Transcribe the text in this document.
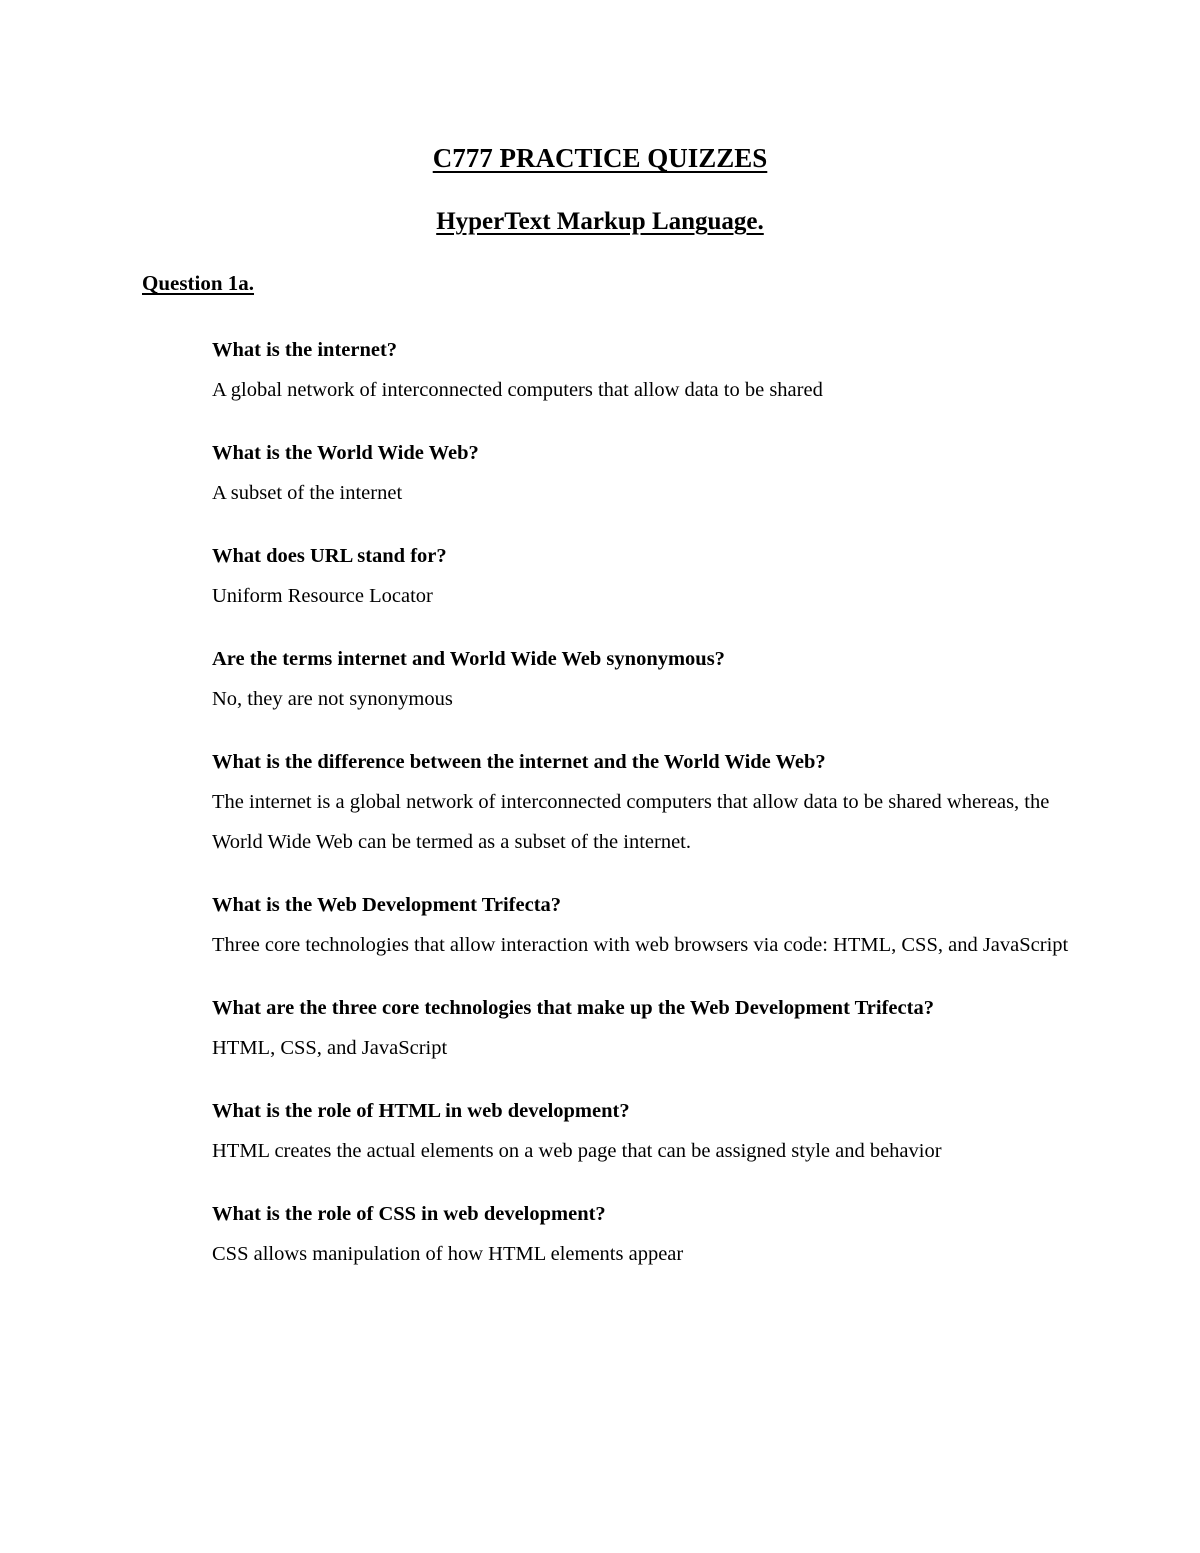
C777 PRACTICE QUIZZES
HyperText Markup Language.
Question 1a.

What is the internet?

A global network of interconnected computers that allow data to be shared

What is the World Wide Web?

A subset of the internet

What does URL stand for?

Uniform Resource Locator

Are the terms internet and World Wide Web synonymous?

No, they are not synonymous

What is the difference between the internet and the World Wide Web?

The internet is a global network of interconnected computers that allow data to be shared whereas, the World Wide Web can be termed as a subset of the internet.

What is the Web Development Trifecta?

Three core technologies that allow interaction with web browsers via code: HTML, CSS, and JavaScript

What are the three core technologies that make up the Web Development Trifecta?

HTML, CSS, and JavaScript

What is the role of HTML in web development?

HTML creates the actual elements on a web page that can be assigned style and behavior

What is the role of CSS in web development?

CSS allows manipulation of how HTML elements appear
